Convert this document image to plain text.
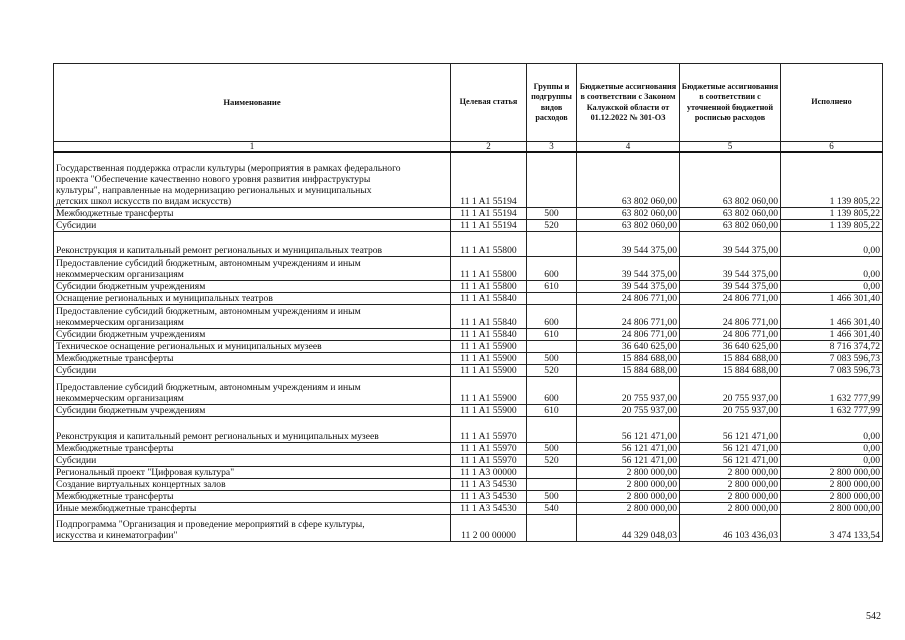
Наименование	Целевая статья	Группы и подгруппы видов расходов	Бюджетные ассигнования в соответствии с Законом Калужской области от 01.12.2022 № 301-ОЗ	Бюджетные ассигнования в соответствии с уточненной бюджетной росписью расходов	Исполнено
1	2	3	4	5	6
Государственная поддержка отрасли культуры (мероприятия в рамках федерального
проекта "Обеспечение качественно нового уровня развития инфраструктуры
культуры", направленные на модернизацию региональных и муниципальных
детских школ искусств по видам искусств)	11 1 A1 55194		63 802 060,00	63 802 060,00	1 139 805,22
Межбюджетные трансферты	11 1 A1 55194	500	63 802 060,00	63 802 060,00	1 139 805,22
Субсидии	11 1 A1 55194	520	63 802 060,00	63 802 060,00	1 139 805,22
Реконструкция и капитальный ремонт региональных и муниципальных театров	11 1 A1 55800		39 544 375,00	39 544 375,00	0,00
Предоставление субсидий бюджетным, автономным учреждениям и иным
некоммерческим организациям	11 1 A1 55800	600	39 544 375,00	39 544 375,00	0,00
Субсидии бюджетным учреждениям	11 1 A1 55800	610	39 544 375,00	39 544 375,00	0,00
Оснащение региональных и муниципальных театров	11 1 A1 55840		24 806 771,00	24 806 771,00	1 466 301,40
Предоставление субсидий бюджетным, автономным учреждениям и иным
некоммерческим организациям	11 1 A1 55840	600	24 806 771,00	24 806 771,00	1 466 301,40
Субсидии бюджетным учреждениям	11 1 A1 55840	610	24 806 771,00	24 806 771,00	1 466 301,40
Техническое оснащение региональных и муниципальных музеев	11 1 A1 55900		36 640 625,00	36 640 625,00	8 716 374,72
Межбюджетные трансферты	11 1 A1 55900	500	15 884 688,00	15 884 688,00	7 083 596,73
Субсидии	11 1 A1 55900	520	15 884 688,00	15 884 688,00	7 083 596,73
Предоставление субсидий бюджетным, автономным учреждениям и иным
некоммерческим организациям	11 1 A1 55900	600	20 755 937,00	20 755 937,00	1 632 777,99
Субсидии бюджетным учреждениям	11 1 A1 55900	610	20 755 937,00	20 755 937,00	1 632 777,99
Реконструкция и капитальный ремонт региональных и муниципальных музеев	11 1 A1 55970		56 121 471,00	56 121 471,00	0,00
Межбюджетные трансферты	11 1 A1 55970	500	56 121 471,00	56 121 471,00	0,00
Субсидии	11 1 A1 55970	520	56 121 471,00	56 121 471,00	0,00
Региональный проект "Цифровая культура"	11 1 A3 00000		2 800 000,00	2 800 000,00	2 800 000,00
Создание виртуальных концертных залов	11 1 A3 54530		2 800 000,00	2 800 000,00	2 800 000,00
Межбюджетные трансферты	11 1 A3 54530	500	2 800 000,00	2 800 000,00	2 800 000,00
Иные межбюджетные трансферты	11 1 A3 54530	540	2 800 000,00	2 800 000,00	2 800 000,00
Подпрограмма "Организация и проведение мероприятий в сфере культуры,
искусства и кинематографии"	11 2 00 00000		44 329 048,03	46 103 436,03	3 474 133,54
542
